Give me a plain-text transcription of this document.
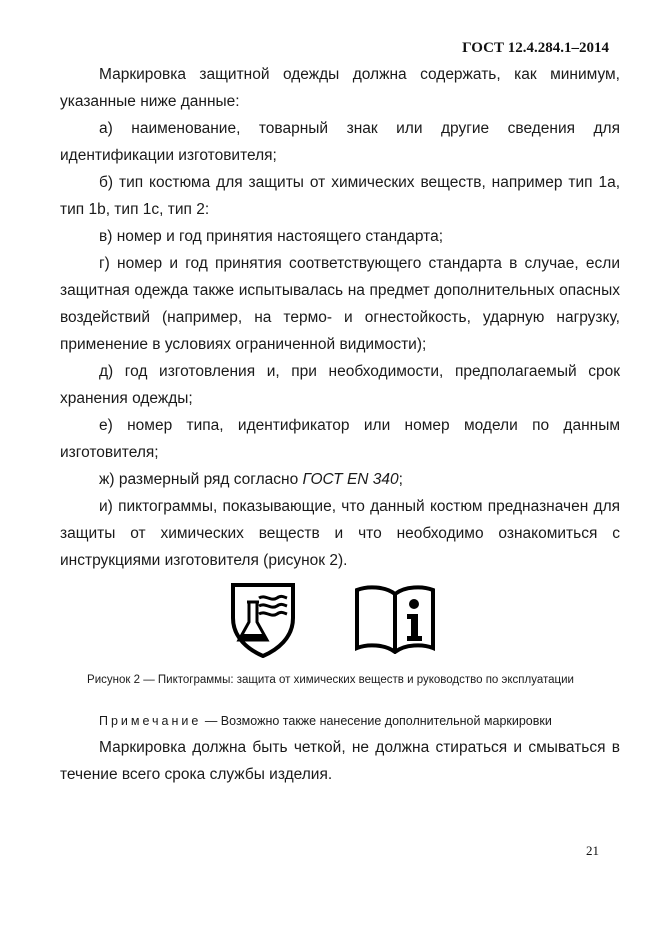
ГОСТ 12.4.284.1–2014

Маркировка защитной одежды должна содержать, как минимум, указанные ниже данные:

а) наименование, товарный знак или другие сведения для идентификации изготовителя;

б) тип костюма для защиты от химических веществ, например тип 1а, тип 1b, тип 1c, тип 2:

в) номер и год принятия настоящего стандарта;

г) номер и год принятия соответствующего стандарта в случае, если защитная одежда также испытывалась на предмет дополнительных опасных воздействий (например, на термо- и огнестойкость, ударную нагрузку, применение в условиях ограниченной видимости);

д) год изготовления и, при необходимости, предполагаемый срок хранения одежды;

е) номер типа, идентификатор или номер модели по данным изготовителя;

ж) размерный ряд согласно ГОСТ EN 340;

и) пиктограммы, показывающие, что данный костюм предназначен для защиты от химических веществ и что необходимо ознакомиться с инструкциями изготовителя (рисунок 2).

Рисунок 2 — Пиктограммы: защита от химических веществ и руководство по эксплуатации
Примечание — Возможно также нанесение дополнительной маркировки

Маркировка должна быть четкой, не должна стираться и смываться в течение всего срока службы изделия.

21
